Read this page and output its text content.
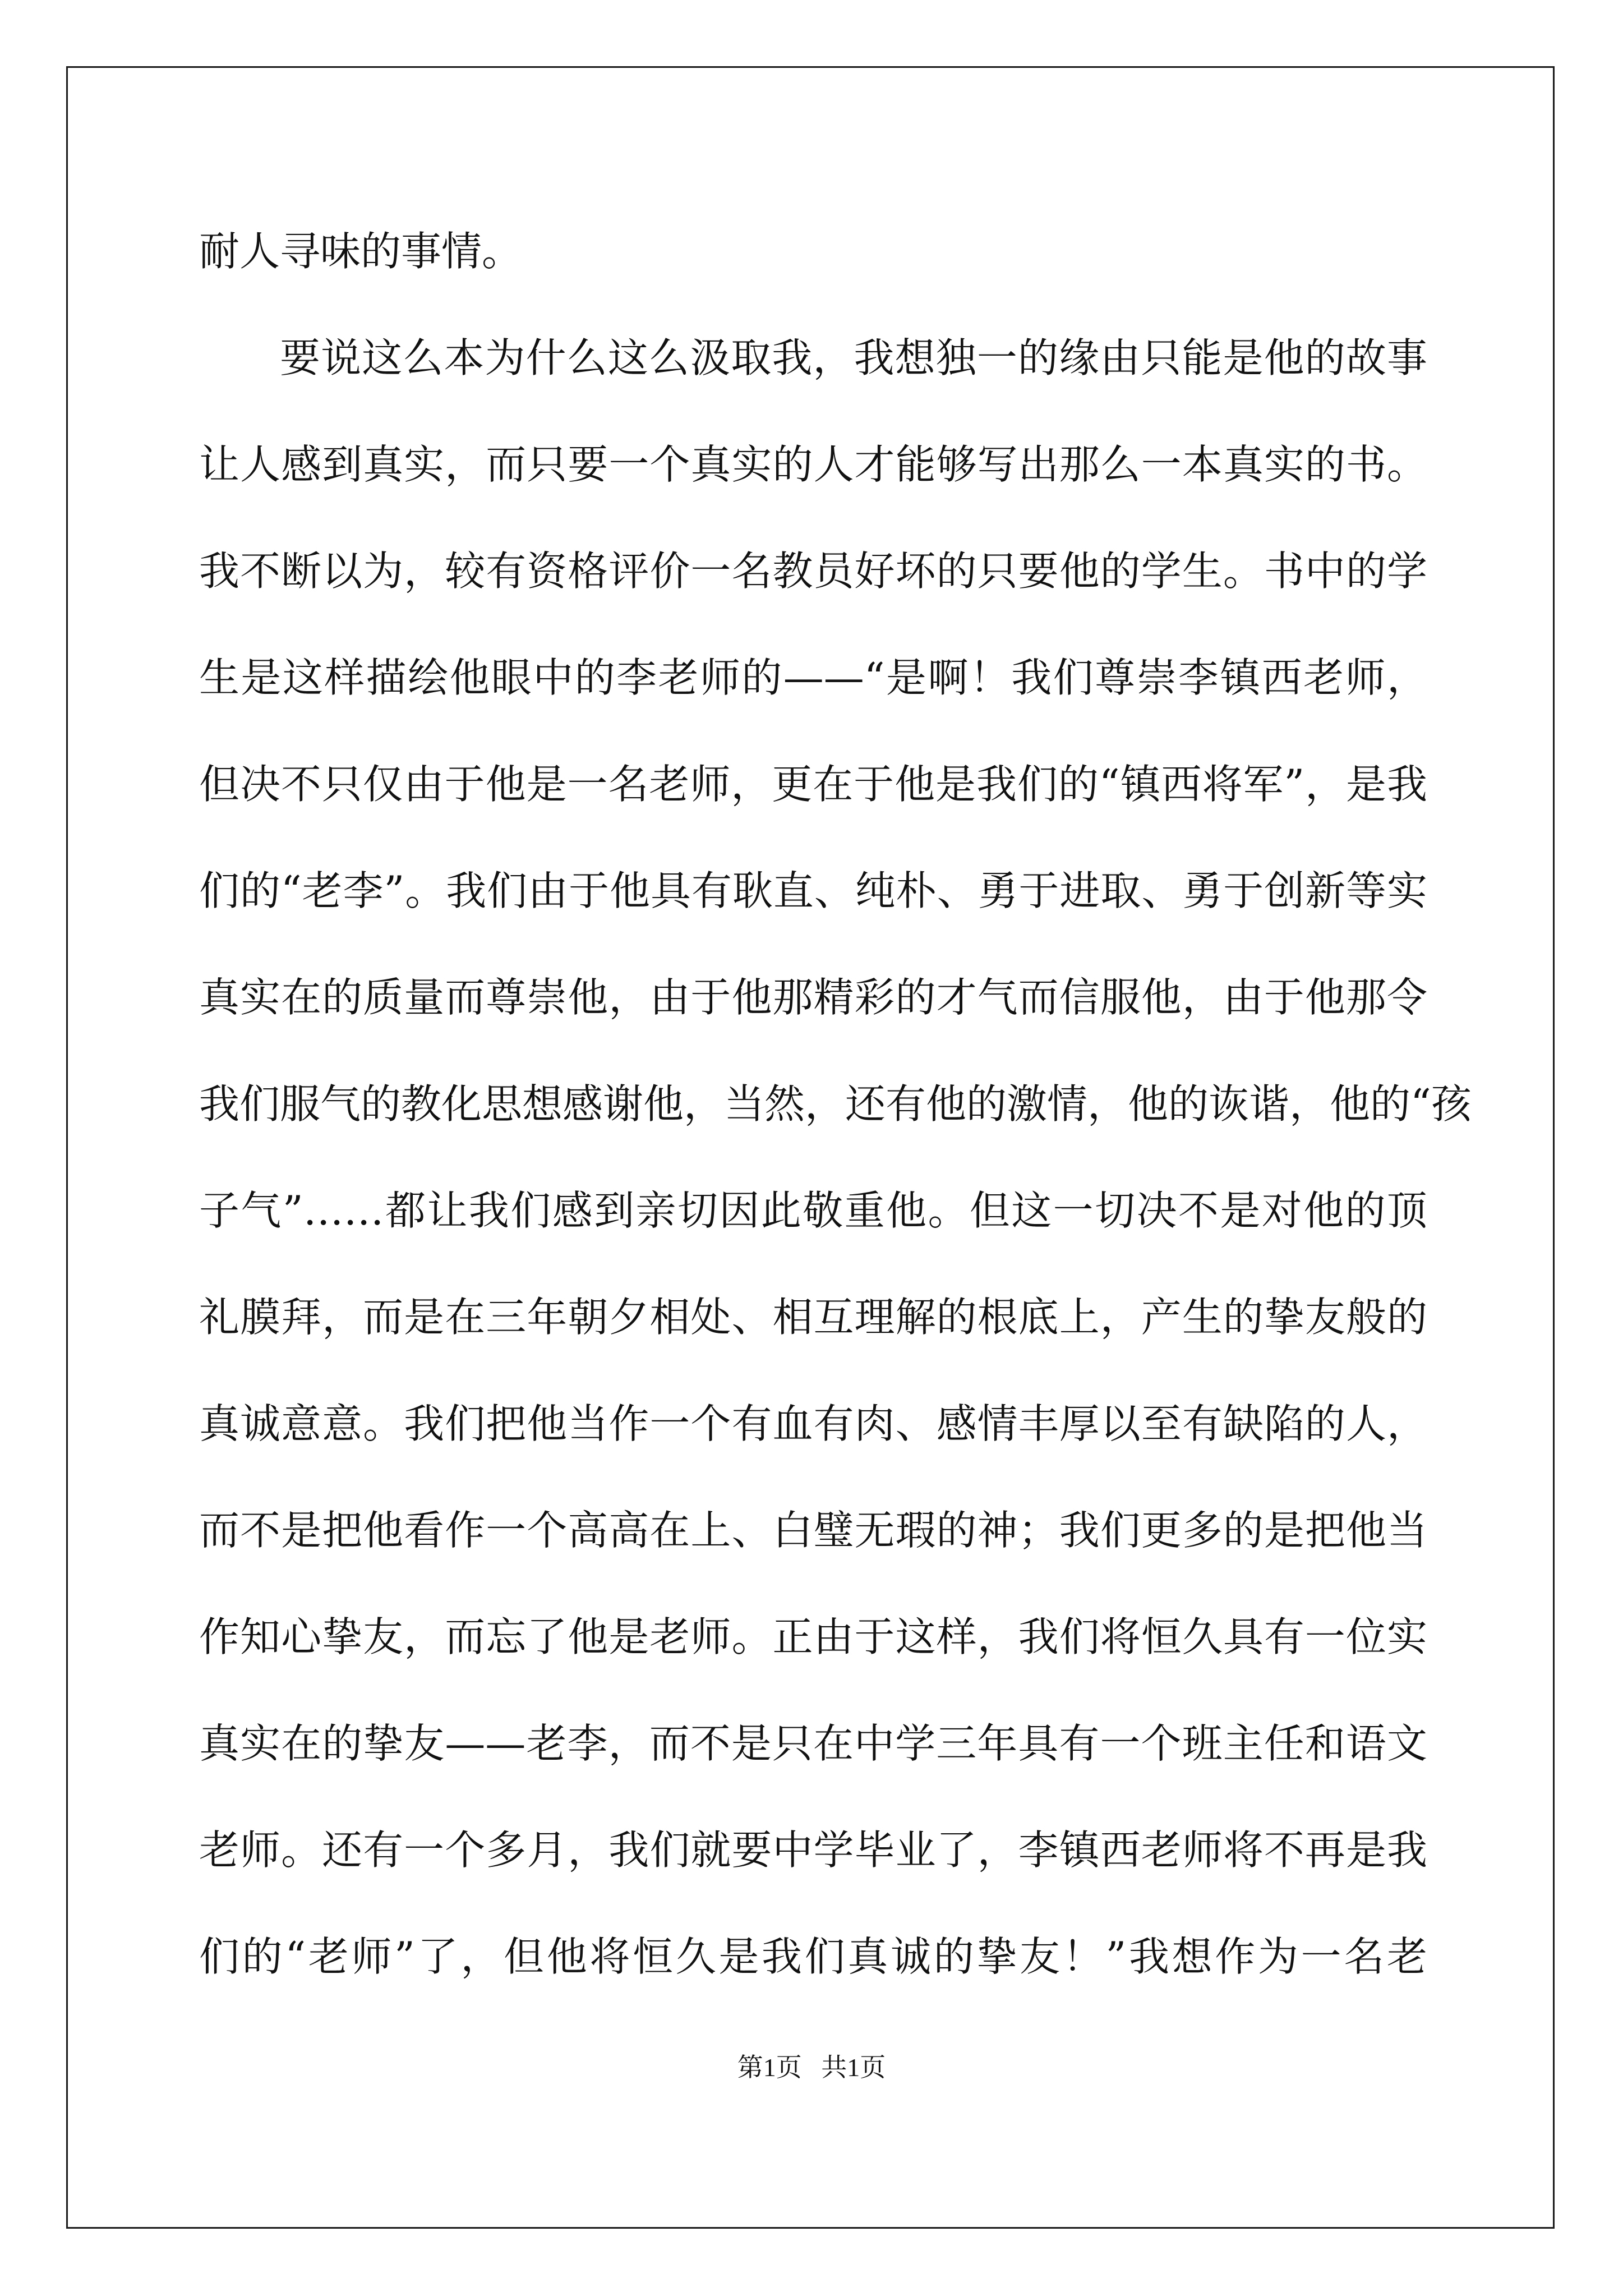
耐人寻味的事情。
要说这么本为什么这么汲取我，我想独一的缘由只能是他的故事
让人感到真实，而只要一个真实的人才能够写出那么一本真实的书。
我不断以为，较有资格评价一名教员好坏的只要他的学生。书中的学
生是这样描绘他眼中的李老师的——“是啊！我们尊崇李镇西老师，
但决不只仅由于他是一名老师，更在于他是我们的“镇西将军”，是我
们的“老李”。我们由于他具有耿直、纯朴、勇于进取、勇于创新等实
真实在的质量而尊崇他，由于他那精彩的才气而信服他，由于他那令
我们服气的教化思想感谢他，当然，还有他的激情，他的诙谐，他的“孩
子气”……都让我们感到亲切因此敬重他。但这一切决不是对他的顶
礼膜拜，而是在三年朝夕相处、相互理解的根底上，产生的挚友般的
真诚意意。我们把他当作一个有血有肉、感情丰厚以至有缺陷的人，
而不是把他看作一个高高在上、白璧无瑕的神；我们更多的是把他当
作知心挚友，而忘了他是老师。正由于这样，我们将恒久具有一位实
真实在的挚友——老李，而不是只在中学三年具有一个班主任和语文
老师。还有一个多月，我们就要中学毕业了，李镇西老师将不再是我
们的“老师”了，但他将恒久是我们真诚的挚友！”我想作为一名老
第1页 共1页
